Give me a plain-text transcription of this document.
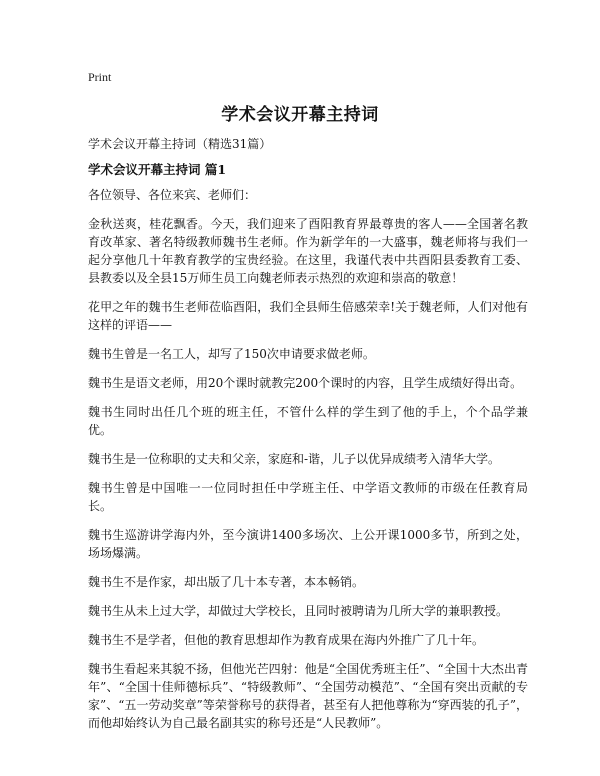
Print
学术会议开幕主持词
学术会议开幕主持词（精选31篇）
学术会议开幕主持词 篇1

各位领导、各位来宾、老师们：

金秋送爽，桂花飘香。今天，我们迎来了酉阳教育界最尊贵的客人——全国著名教育改革家、著名特级教师魏书生老师。作为新学年的一大盛事，魏老师将与我们一起分享他几十年教育教学的宝贵经验。在这里，我谨代表中共酉阳县委教育工委、县教委以及全县15万师生员工向魏老师表示热烈的欢迎和崇高的敬意！

花甲之年的魏书生老师莅临酉阳，我们全县师生倍感荣幸!关于魏老师，人们对他有这样的评语——

魏书生曾是一名工人，却写了150次申请要求做老师。

魏书生是语文老师，用20个课时就教完200个课时的内容，且学生成绩好得出奇。

魏书生同时出任几个班的班主任，不管什么样的学生到了他的手上，个个品学兼优。

魏书生是一位称职的丈夫和父亲，家庭和-谐，儿子以优异成绩考入清华大学。

魏书生曾是中国唯一一位同时担任中学班主任、中学语文教师的市级在任教育局长。

魏书生巡游讲学海内外，至今演讲1400多场次、上公开课1000多节，所到之处，场场爆满。

魏书生不是作家，却出版了几十本专著，本本畅销。

魏书生从未上过大学，却做过大学校长，且同时被聘请为几所大学的兼职教授。

魏书生不是学者，但他的教育思想却作为教育成果在海内外推广了几十年。

魏书生看起来其貌不扬，但他光芒四射：他是“全国优秀班主任”、“全国十大杰出青年”、“全国十佳师德标兵”、“特级教师”、“全国劳动模范”、“全国有突出贡献的专家”、“五一劳动奖章”等荣誉称号的获得者，甚至有人把他尊称为“穿西装的孔子”，而他却始终认为自己最名副其实的称号还是“人民教师”。
